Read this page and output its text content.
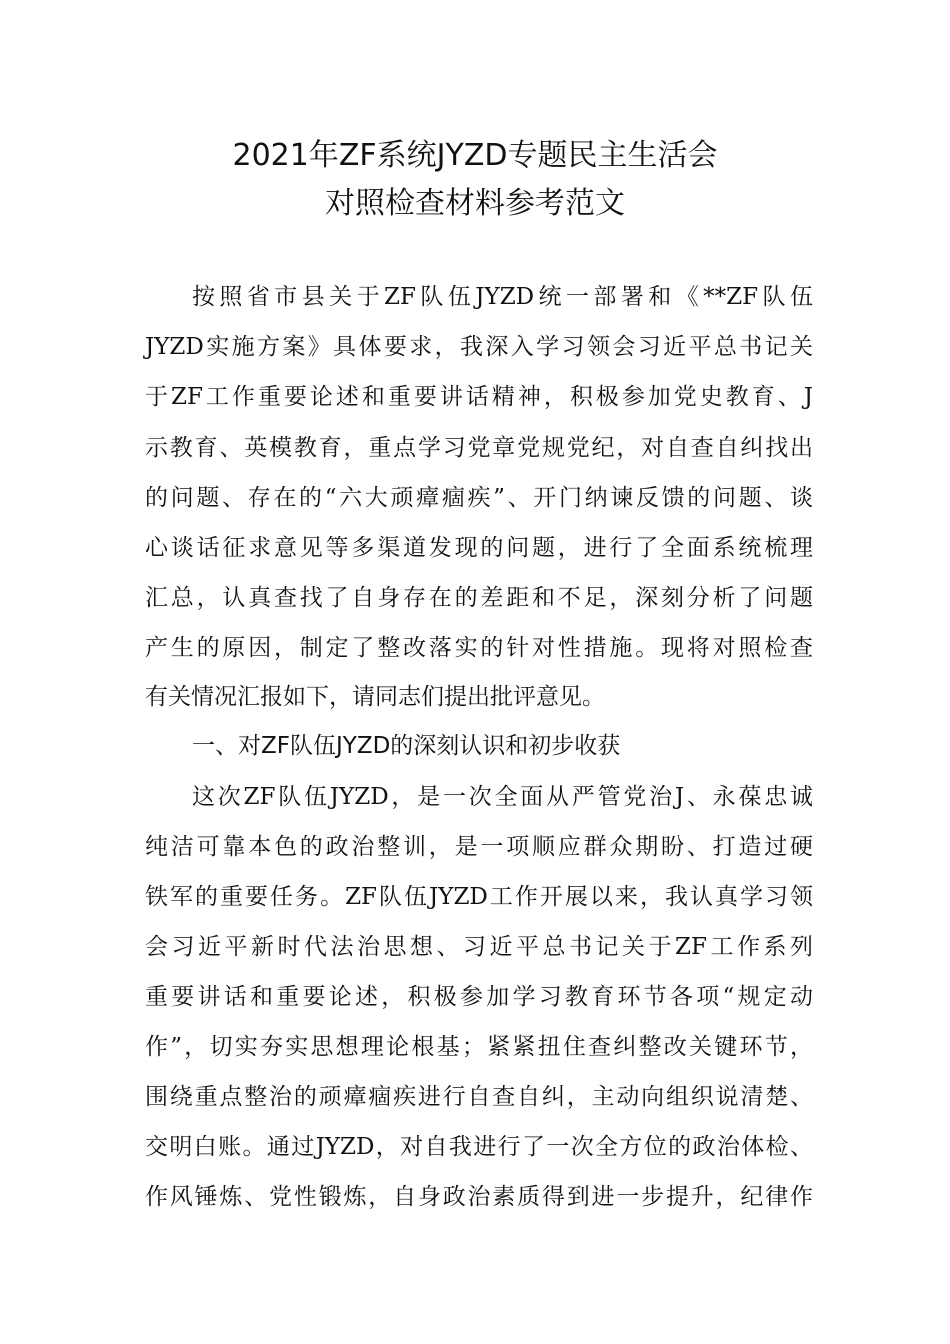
2021年ZF系统JYZD专题民主生活会
对照检查材料参考范文
按照省市县关于ZF队伍JYZD统一部署和《**ZF队伍
JYZD实施方案》具体要求，我深入学习领会习近平总书记关
于ZF工作重要论述和重要讲话精神，积极参加党史教育、J
示教育、英模教育，重点学习党章党规党纪，对自查自纠找出
的问题、存在的“六大顽瘴痼疾”、开门纳谏反馈的问题、谈
心谈话征求意见等多渠道发现的问题，进行了全面系统梳理
汇总，认真查找了自身存在的差距和不足，深刻分析了问题
产生的原因，制定了整改落实的针对性措施。现将对照检查
有关情况汇报如下，请同志们提出批评意见。
一、对ZF队伍JYZD的深刻认识和初步收获
这次ZF队伍JYZD，是一次全面从严管党治J、永葆忠诚
纯洁可靠本色的政治整训，是一项顺应群众期盼、打造过硬
铁军的重要任务。ZF队伍JYZD工作开展以来，我认真学习领
会习近平新时代法治思想、习近平总书记关于ZF工作系列
重要讲话和重要论述，积极参加学习教育环节各项“规定动
作”，切实夯实思想理论根基；紧紧扭住查纠整改关键环节，
围绕重点整治的顽瘴痼疾进行自查自纠，主动向组织说清楚、
交明白账。通过JYZD，对自我进行了一次全方位的政治体检、
作风锤炼、党性锻炼，自身政治素质得到进一步提升，纪律作
